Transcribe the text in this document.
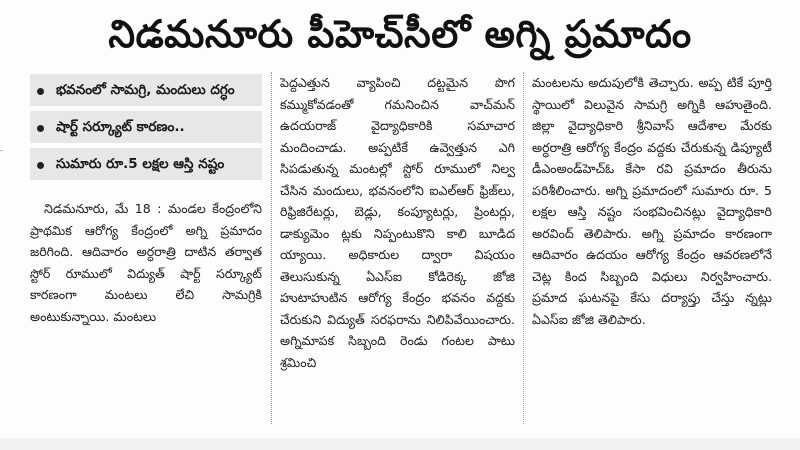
నిడమనూరు పీహెచ్‌సీలో అగ్ని ప్రమాదం
భవనంలో సామగ్రి, మందులు దగ్ధం
షార్ట్ సర్క్యూట్ కారణం..
సుమారు రూ.5 లక్షల ఆస్తి నష్టం

నిడమనూరు, మే 18 : మండల కేంద్రంలోని ప్రాథమిక ఆరోగ్య కేంద్రంలో అగ్ని ప్రమాదం జరిగింది. ఆదివారం అర్ధరాత్రి దాటిన తర్వాత స్టోర్ రూములో విద్యుత్ షార్ట్ సర్క్యూట్ కారణంగా మంటలు లేచి సామగ్రికి అంటుకున్నాయి. మంటలు

పెద్దఎత్తున వ్యాపించి దట్టమైన పొగ కమ్ముకోవడంతో గమనించిన వాచ్‌మన్ ఉదయరాజ్ వైద్యాధికారికి సమాచార మందించాడు. అప్పటికే ఉవ్వెత్తున ఎగి సిపడుతున్న మంటల్లో స్టోర్ రూములో నిల్వ చేసిన మందులు, భవనంలోని ఐఎల్‌ఆర్ ఫ్రిజ్‌లు, రిఫ్రిజిరేటర్లు, బెడ్లు, కంప్యూటర్లు, ప్రింటర్లు, డాక్యుమెం ట్లకు నిప్పంటుకొని కాలి బూడిద య్యాయి. అధికారుల ద్వారా విషయం తెలుసుకున్న ఏఎస్ఐ కోడిరెక్క జోజి హుటాహుటిన ఆరోగ్య కేంద్రం భవనం వద్దకు చేరుకుని విద్యుత్ సరఫరాను నిలిపివేయించారు. అగ్నిమాపక సిబ్బంది రెండు గంటల పాటు శ్రమించి

మంటలను అదుపులోకి తెచ్చారు. అప్ప టికే పూర్తి స్థాయిలో విలువైన సామగ్రి అగ్నికి ఆహుతైంది. జిల్లా వైద్యాధికారి శ్రీనివాస్ ఆదేశాల మేరకు అర్ధరాత్రి ఆరోగ్య కేంద్రం వద్దకు చేరుకున్న డిప్యూటీ డీఎంఅండ్‌హెచ్‌ఓ కేసా రవి ప్రమాదం తీరును పరిశీలించారు. అగ్ని ప్రమాదంలో సుమారు రూ. 5 లక్షల ఆస్తి నష్టం సంభవించినట్లు వైద్యాధికారి అరవింద్ తెలిపారు. అగ్ని ప్రమాదం కారణంగా ఆదివారం ఉదయం ఆరోగ్య కేంద్రం ఆవరణలోనే చెట్ల కింద సిబ్బంది విధులు నిర్వహించారు. ప్రమాద ఘటనపై కేసు దర్యాప్తు చేస్తు న్నట్లు ఏఎస్ఐ జోజి తెలిపారు.
